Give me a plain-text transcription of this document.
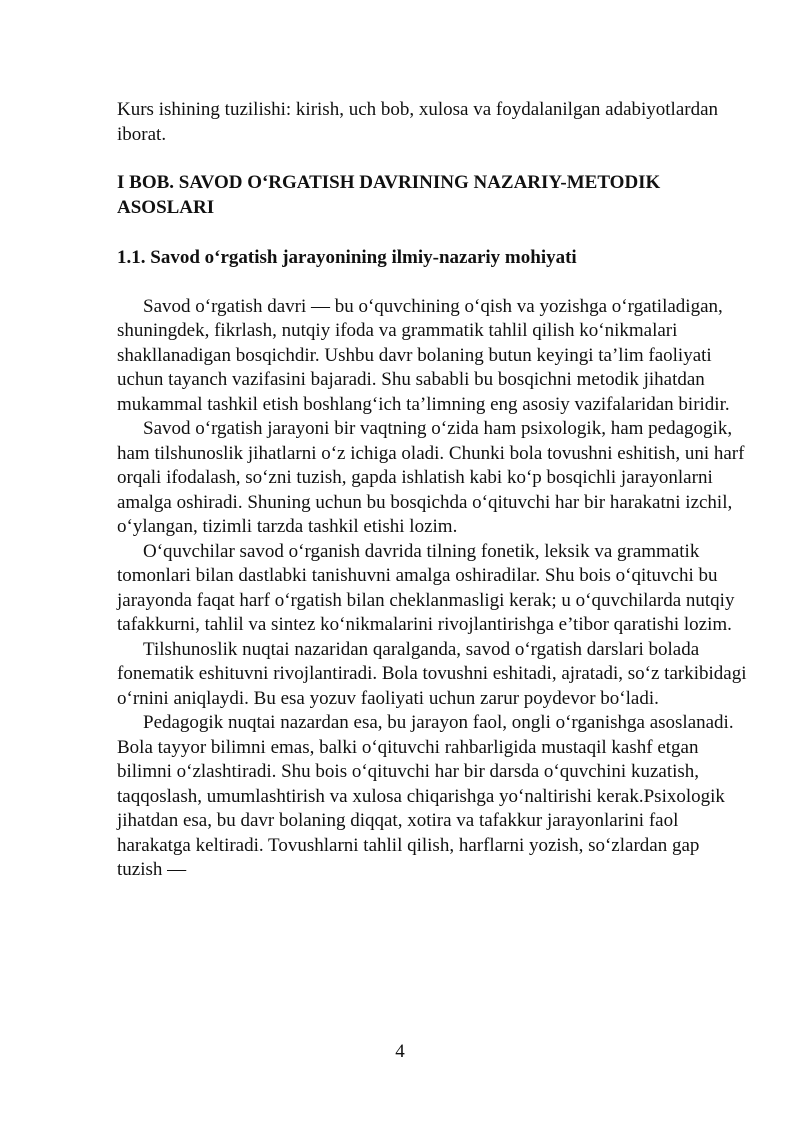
Kurs ishining tuzilishi: kirish, uch bob, xulosa va foydalanilgan adabiyotlardan iborat.

I BOB. SAVOD O‘RGATISH DAVRINING NAZARIY-METODIK ASOSLARI
1.1. Savod o‘rgatish jarayonining ilmiy-nazariy mohiyati

Savod o‘rgatish davri — bu o‘quvchining o‘qish va yozishga o‘rgatiladigan, shuningdek, fikrlash, nutqiy ifoda va grammatik tahlil qilish ko‘nikmalari shakllanadigan bosqichdir. Ushbu davr bolaning butun keyingi ta’lim faoliyati uchun tayanch vazifasini bajaradi. Shu sababli bu bosqichni metodik jihatdan mukammal tashkil etish boshlang‘ich ta’limning eng asosiy vazifalaridan biridir.

Savod o‘rgatish jarayoni bir vaqtning o‘zida ham psixologik, ham pedagogik, ham tilshunoslik jihatlarni o‘z ichiga oladi. Chunki bola tovushni eshitish, uni harf orqali ifodalash, so‘zni tuzish, gapda ishlatish kabi ko‘p bosqichli jarayonlarni amalga oshiradi. Shuning uchun bu bosqichda o‘qituvchi har bir harakatni izchil, o‘ylangan, tizimli tarzda tashkil etishi lozim.

O‘quvchilar savod o‘rganish davrida tilning fonetik, leksik va grammatik tomonlari bilan dastlabki tanishuvni amalga oshiradilar. Shu bois o‘qituvchi bu jarayonda faqat harf o‘rgatish bilan cheklanmasligi kerak; u o‘quvchilarda nutqiy tafakkurni, tahlil va sintez ko‘nikmalarini rivojlantirishga e’tibor qaratishi lozim.

Tilshunoslik nuqtai nazaridan qaralganda, savod o‘rgatish darslari bolada fonematik eshituvni rivojlantiradi. Bola tovushni eshitadi, ajratadi, so‘z tarkibidagi o‘rnini aniqlaydi. Bu esa yozuv faoliyati uchun zarur poydevor bo‘ladi.

Pedagogik nuqtai nazardan esa, bu jarayon faol, ongli o‘rganishga asoslanadi. Bola tayyor bilimni emas, balki o‘qituvchi rahbarligida mustaqil kashf etgan bilimni o‘zlashtiradi. Shu bois o‘qituvchi har bir darsda o‘quvchini kuzatish, taqqoslash, umumlashtirish va xulosa chiqarishga yo‘naltirishi kerak.Psixologik jihatdan esa, bu davr bolaning diqqat, xotira va tafakkur jarayonlarini faol harakatga keltiradi. Tovushlarni tahlil qilish, harflarni yozish, so‘zlardan gap tuzish —

4
